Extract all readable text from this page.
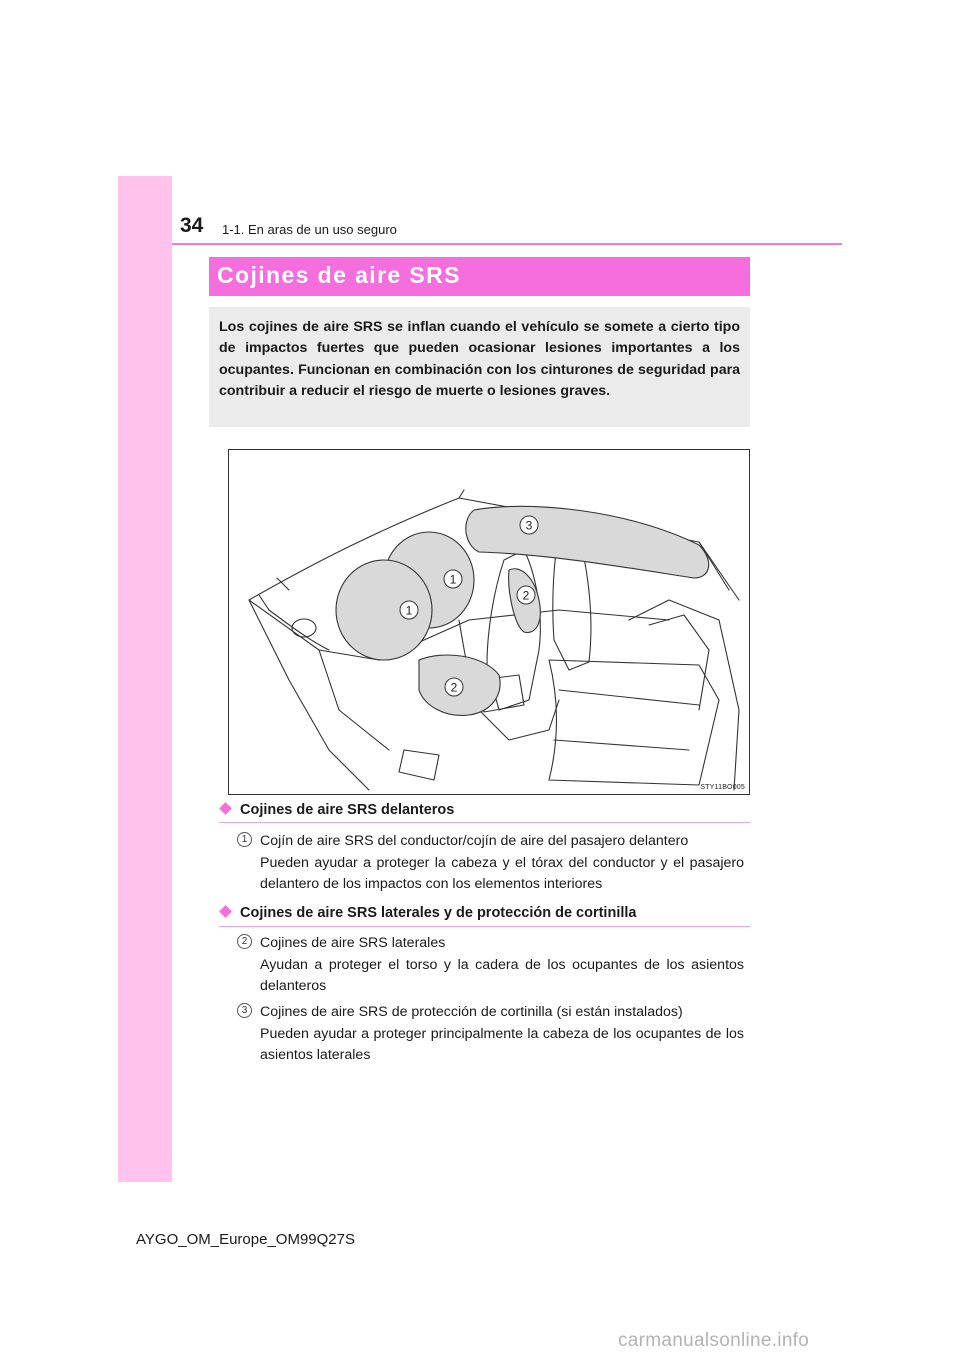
34 1-1. En aras de un uso seguro
Cojines de aire SRS
Los cojines de aire SRS se inflan cuando el vehículo se somete a cierto tipo de impactos fuertes que pueden ocasionar lesiones importantes a los ocupantes. Funcionan en combinación con los cinturones de seguridad para contribuir a reducir el riesgo de muerte o lesiones graves.
3
1
1
2
2
STY11BO005
Cojines de aire SRS delanteros
1 Cojín de aire SRS del conductor/cojín de aire del pasajero delantero
Pueden ayudar a proteger la cabeza y el tórax del conductor y el pasajero delantero de los impactos con los elementos interiores
Cojines de aire SRS laterales y de protección de cortinilla
2 Cojines de aire SRS laterales
Ayudan a proteger el torso y la cadera de los ocupantes de los asientos delanteros
3 Cojines de aire SRS de protección de cortinilla (si están instalados)
Pueden ayudar a proteger principalmente la cabeza de los ocupantes de los asientos laterales
AYGO_OM_Europe_OM99Q27S
carmanualsonline.info
